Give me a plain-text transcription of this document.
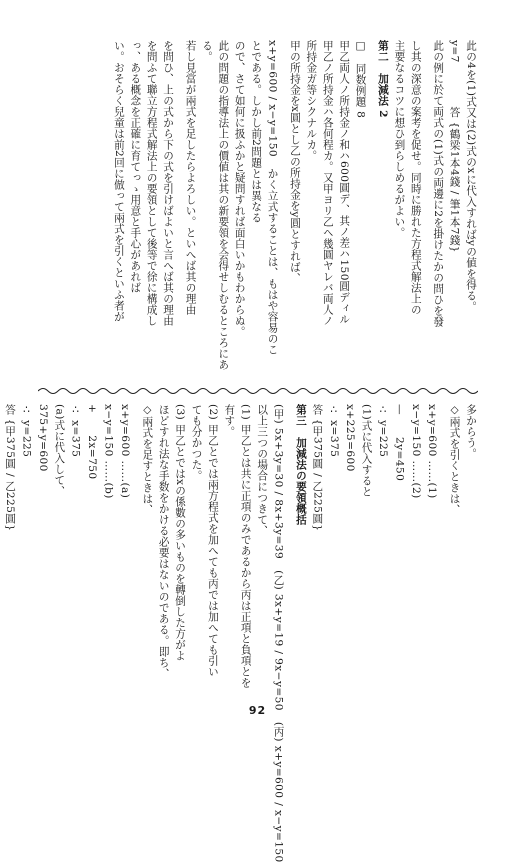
此の4を(1)式又は(2)式のxに代入すればyの値を得る。
y=7　　　　答 {鶴梁1本4錢 / 筆1本7錢}
此の例に於て両式の(1)式の両邊に2を掛けたかの問ひを發
し其の深意の案考を促せ。同時に勝れた方程式解法上の
主要なるコツに想ひ到らしめるがよい。
第二　加減法 2
□　同数例題 8
甲乙両人ノ所持金ノ和ハ600圓デ、其ノ差ハ150圓ディル
甲乙ノ所持金ハ各何程カ。又甲ヨリ乙ヘ幾圓ヤレバ両人ノ
所持金ガ等シクナルカ。
甲の所持金をx圓とし乙の所持金をy圓とすれば、
x+y=600 / x−y=150　かく立式することは、もはや容易のこ
とである。しかし前2問題とは異なる
ので、さて如何に扱ふかと疑問すれば面白いかもわからぬ。
此の問題の指導法上の價値は其の新要領を会得せしむるところにあ
る。
若し見當が兩式を足したらよろしい。といへば其の理由
を問ひ、上の式から下の式を引けばよいと言へば其の理由
を問ふて聯立方程式解法上の要領として後等で徐に構成し
っ、ある概念を正確に育てっゝ用意と手心があれば
い。おそらく兒童は前2回に倣って兩式を引くといふ者が
多からう。
◇兩式を引くときは、
x+y=600 ……(1)
x−y=150 ……(2)
—　　2y=450
∴ y=225
(1)式に代入すると
x+225=600
∴ x=375
答 {甲375圓 / 乙225圓}
第三　加減法の要領概括
(甲) 5x+3y=30 / 8x+3y=39　(乙) 3x+y=19 / 9x−y=50　(丙) x+y=600 / x−y=150
以上三つの場合につきて、
(1) 甲乙とは共に正項のみであるから丙は正項と負項とを
有す。
(2) 甲乙とでは兩方程式を加へても丙では加へても引い
ても分かつた。
(3) 甲乙とではxの係數の多いものを轉倒した方がよ
ほどすれ法な手数をかける必要はないのである。即ち、
◇兩式を足すときは、
x+y=600 ……(a)
x−y=150 ……(b)
+　　2x=750
∴ x=375
(a)式に代入して、
375+y=600
∴ y=225
答 {甲375圓 / 乙225圓}
92
